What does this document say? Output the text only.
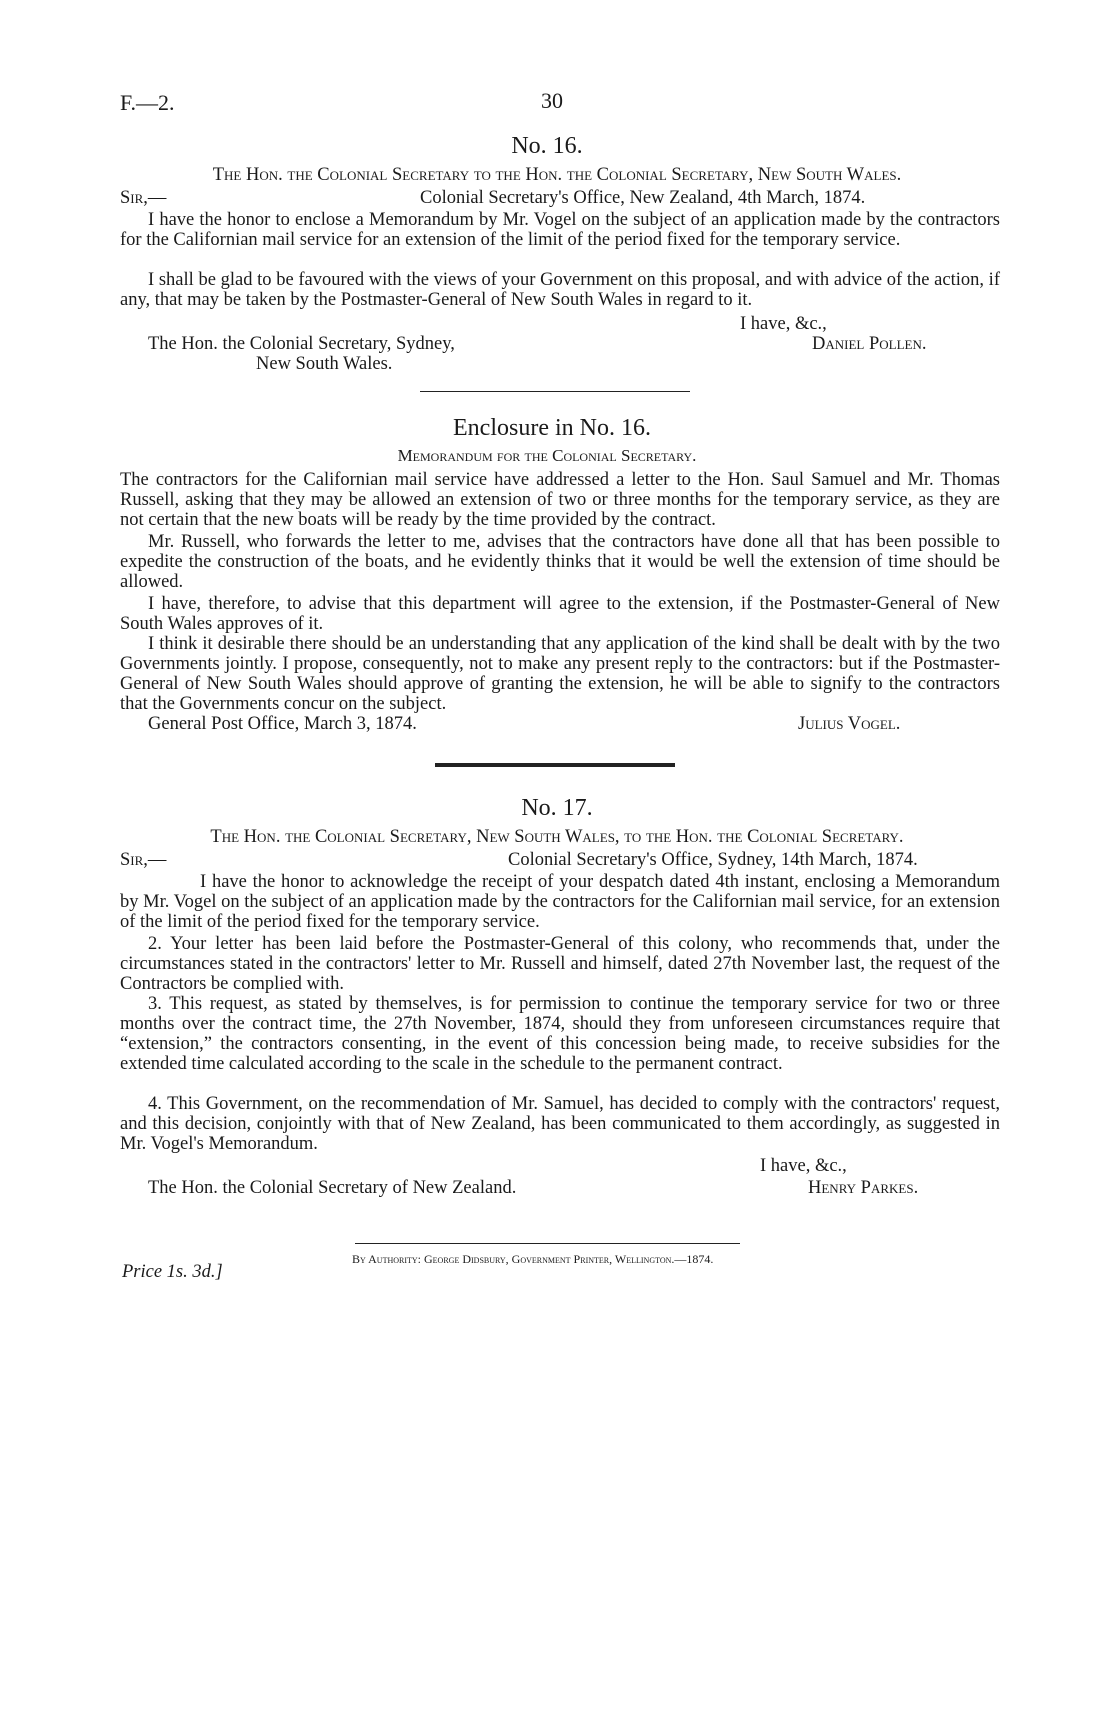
F.—2.	30
No. 16.
The Hon. the Colonial Secretary to the Hon. the Colonial Secretary, New South Wales.
Sir,—	Colonial Secretary's Office, New Zealand, 4th March, 1874.
I have the honor to enclose a Memorandum by Mr. Vogel on the subject of an application made by the contractors for the Californian mail service for an extension of the limit of the period fixed for the temporary service.
I shall be glad to be favoured with the views of your Government on this proposal, and with advice of the action, if any, that may be taken by the Postmaster-General of New South Wales in regard to it.
I have, &c.,
The Hon. the Colonial Secretary, Sydney,	Daniel Pollen.
New South Wales.
Enclosure in No. 16.
Memorandum for the Colonial Secretary.
The contractors for the Californian mail service have addressed a letter to the Hon. Saul Samuel and Mr. Thomas Russell, asking that they may be allowed an extension of two or three months for the temporary service, as they are not certain that the new boats will be ready by the time provided by the contract.
Mr. Russell, who forwards the letter to me, advises that the contractors have done all that has been possible to expedite the construction of the boats, and he evidently thinks that it would be well the extension of time should be allowed.
I have, therefore, to advise that this department will agree to the extension, if the Postmaster-General of New South Wales approves of it.
I think it desirable there should be an understanding that any application of the kind shall be dealt with by the two Governments jointly. I propose, consequently, not to make any present reply to the contractors: but if the Postmaster-General of New South Wales should approve of granting the extension, he will be able to signify to the contractors that the Governments concur on the subject.
General Post Office, March 3, 1874.	Julius Vogel.
No. 17.
The Hon. the Colonial Secretary, New South Wales, to the Hon. the Colonial Secretary.
Sir,—	Colonial Secretary's Office, Sydney, 14th March, 1874.
I have the honor to acknowledge the receipt of your despatch dated 4th instant, enclosing a Memorandum by Mr. Vogel on the subject of an application made by the contractors for the Californian mail service, for an extension of the limit of the period fixed for the temporary service.
2. Your letter has been laid before the Postmaster-General of this colony, who recommends that, under the circumstances stated in the contractors' letter to Mr. Russell and himself, dated 27th November last, the request of the Contractors be complied with.
3. This request, as stated by themselves, is for permission to continue the temporary service for two or three months over the contract time, the 27th November, 1874, should they from unforeseen circumstances require that “extension,” the contractors consenting, in the event of this concession being made, to receive subsidies for the extended time calculated according to the scale in the schedule to the permanent contract.
4. This Government, on the recommendation of Mr. Samuel, has decided to comply with the contractors' request, and this decision, conjointly with that of New Zealand, has been communicated to them accordingly, as suggested in Mr. Vogel's Memorandum.
I have, &c.,
The Hon. the Colonial Secretary of New Zealand.	Henry Parkes.
Price 1s. 3d.]
By Authority: George Didsbury, Government Printer, Wellington.—1874.
